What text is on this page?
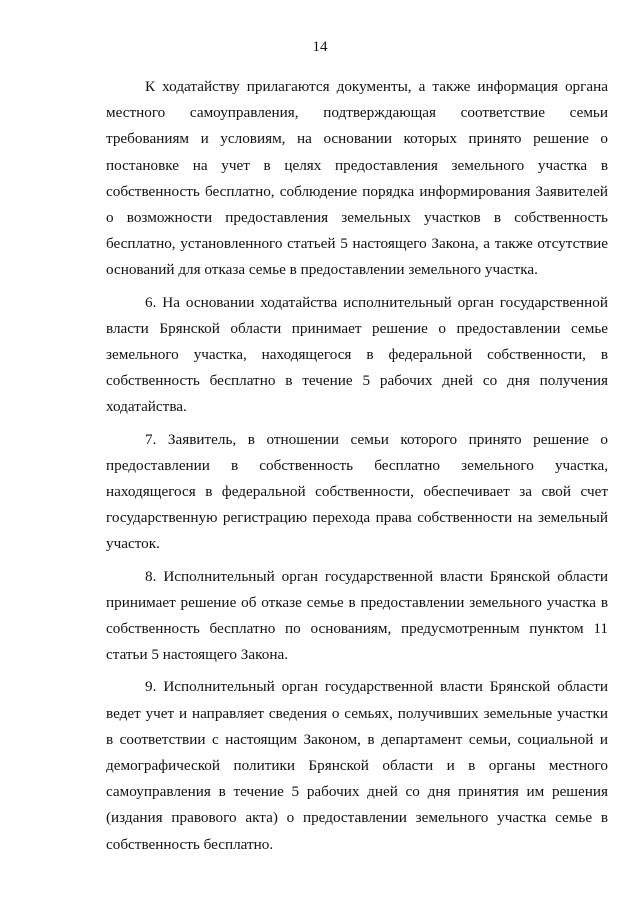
14

К ходатайству прилагаются документы, а также информация органа местного самоуправления, подтверждающая соответствие семьи требованиям и условиям, на основании которых принято решение о постановке на учет в целях предоставления земельного участка в собственность бесплатно, соблюдение порядка информирования Заявителей о возможности предоставления земельных участков в собственность бесплатно, установленного статьей 5 настоящего Закона, а также отсутствие оснований для отказа семье в предоставлении земельного участка.

6. На основании ходатайства исполнительный орган государственной власти Брянской области принимает решение о предоставлении семье земельного участка, находящегося в федеральной собственности, в собственность бесплатно в течение 5 рабочих дней со дня получения ходатайства.

7. Заявитель, в отношении семьи которого принято решение о предоставлении в собственность бесплатно земельного участка, находящегося в федеральной собственности, обеспечивает за свой счет государственную регистрацию перехода права собственности на земельный участок.

8. Исполнительный орган государственной власти Брянской области принимает решение об отказе семье в предоставлении земельного участка в собственность бесплатно по основаниям, предусмотренным пунктом 11 статьи 5 настоящего Закона.

9. Исполнительный орган государственной власти Брянской области ведет учет и направляет сведения о семьях, получивших земельные участки в соответствии с настоящим Законом, в департамент семьи, социальной и демографической политики Брянской области и в органы местного самоуправления в течение 5 рабочих дней со дня принятия им решения (издания правового акта) о предоставлении земельного участка семье в собственность бесплатно.
